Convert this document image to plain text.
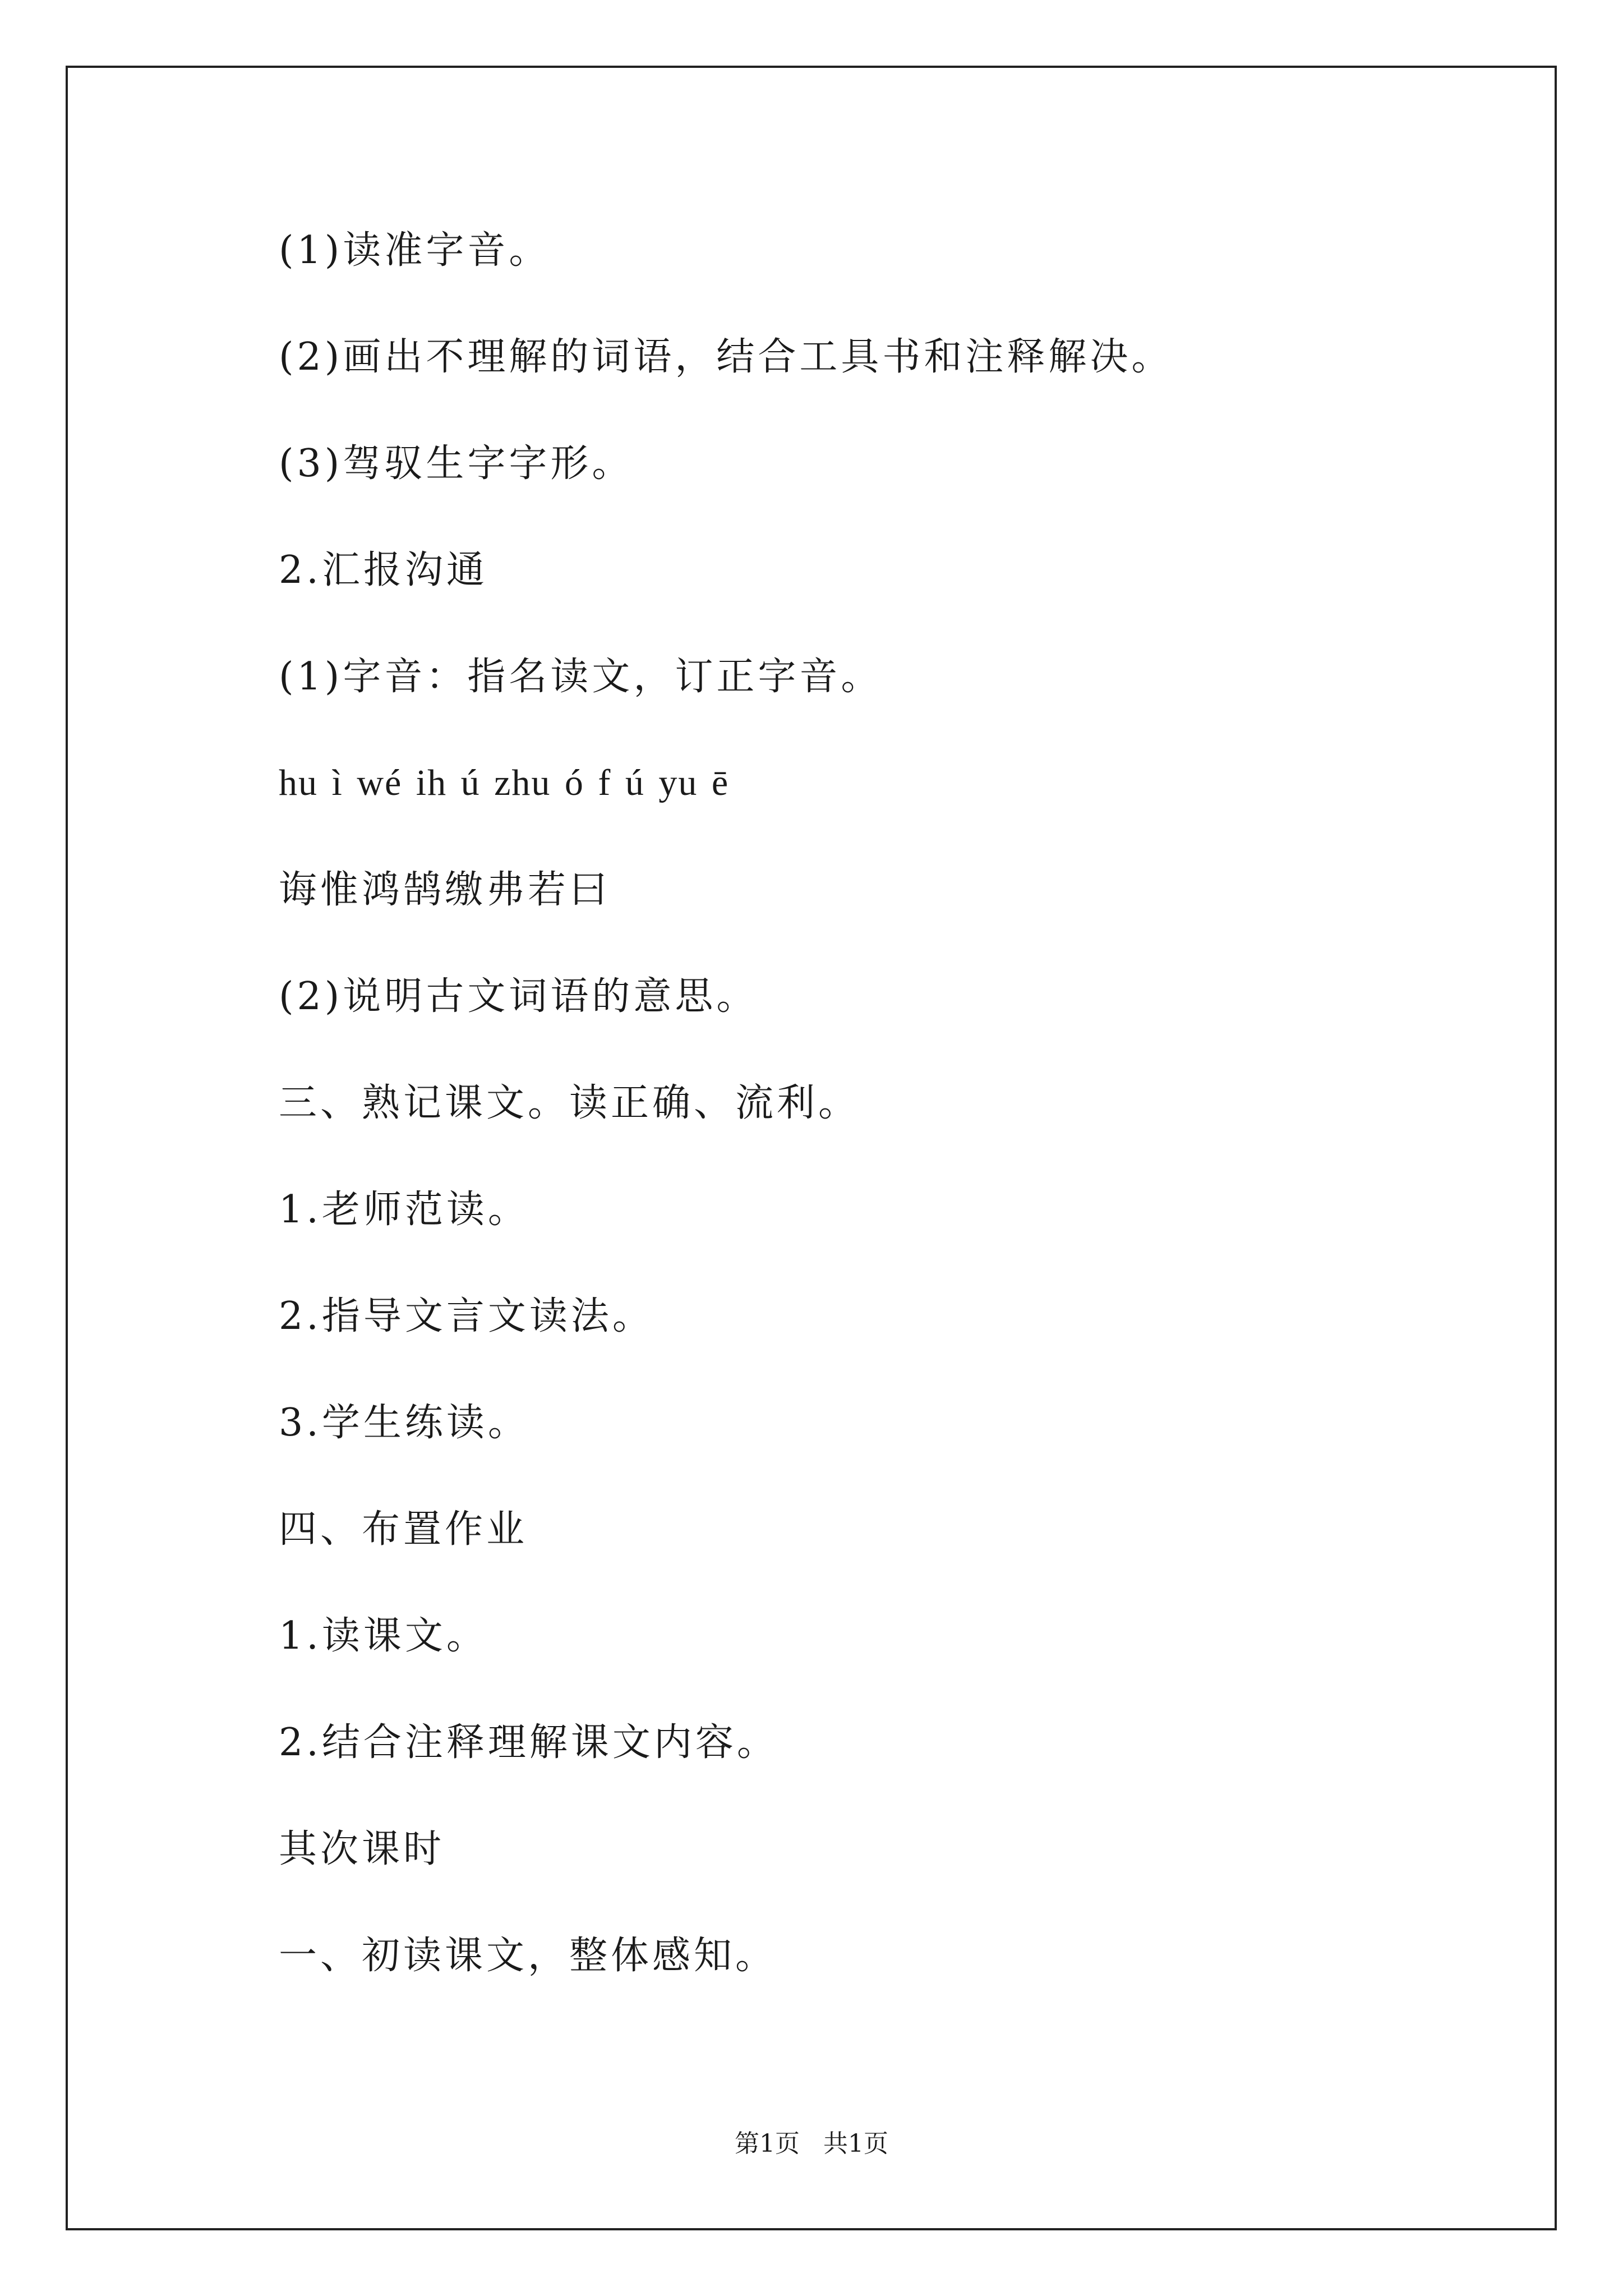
(1)读准字音。

(2)画出不理解的词语，结合工具书和注释解决。

(3)驾驭生字字形。

2.汇报沟通

(1)字音：指名读文，订正字音。

hu ì wé ih ú zhu ó f ú yu ē

诲惟鸿鹄缴弗若曰

(2)说明古文词语的意思。

三、熟记课文。读正确、流利。

1.老师范读。

2.指导文言文读法。

3.学生练读。

四、布置作业

1.读课文。

2.结合注释理解课文内容。

其次课时

一、初读课文，整体感知。

第1页 共1页
